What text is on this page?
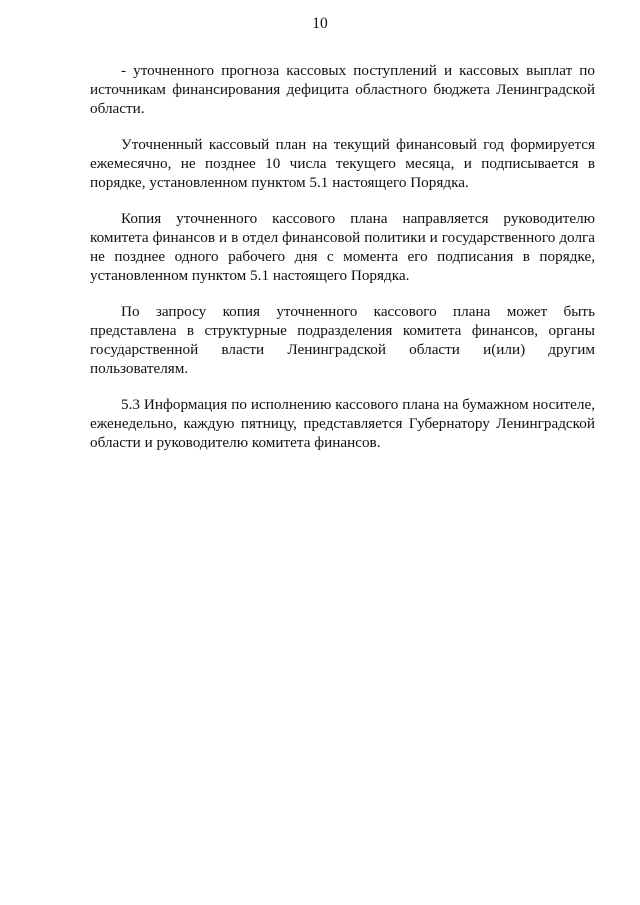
10

- уточненного прогноза кассовых поступлений и кассовых выплат по источникам финансирования дефицита областного бюджета Ленинградской области.

Уточненный кассовый план на текущий финансовый год формируется ежемесячно, не позднее 10 числа текущего месяца, и подписывается в порядке, установленном пунктом 5.1 настоящего Порядка.

Копия уточненного кассового плана направляется руководителю комитета финансов и в отдел финансовой политики и государственного долга не позднее одного рабочего дня с момента его подписания в порядке, установленном пунктом 5.1 настоящего Порядка.

По запросу копия уточненного кассового плана может быть представлена в структурные подразделения комитета финансов, органы государственной власти Ленинградской области и(или) другим пользователям.

5.3 Информация по исполнению кассового плана на бумажном носителе, еженедельно, каждую пятницу, представляется Губернатору Ленинградской области и руководителю комитета финансов.
